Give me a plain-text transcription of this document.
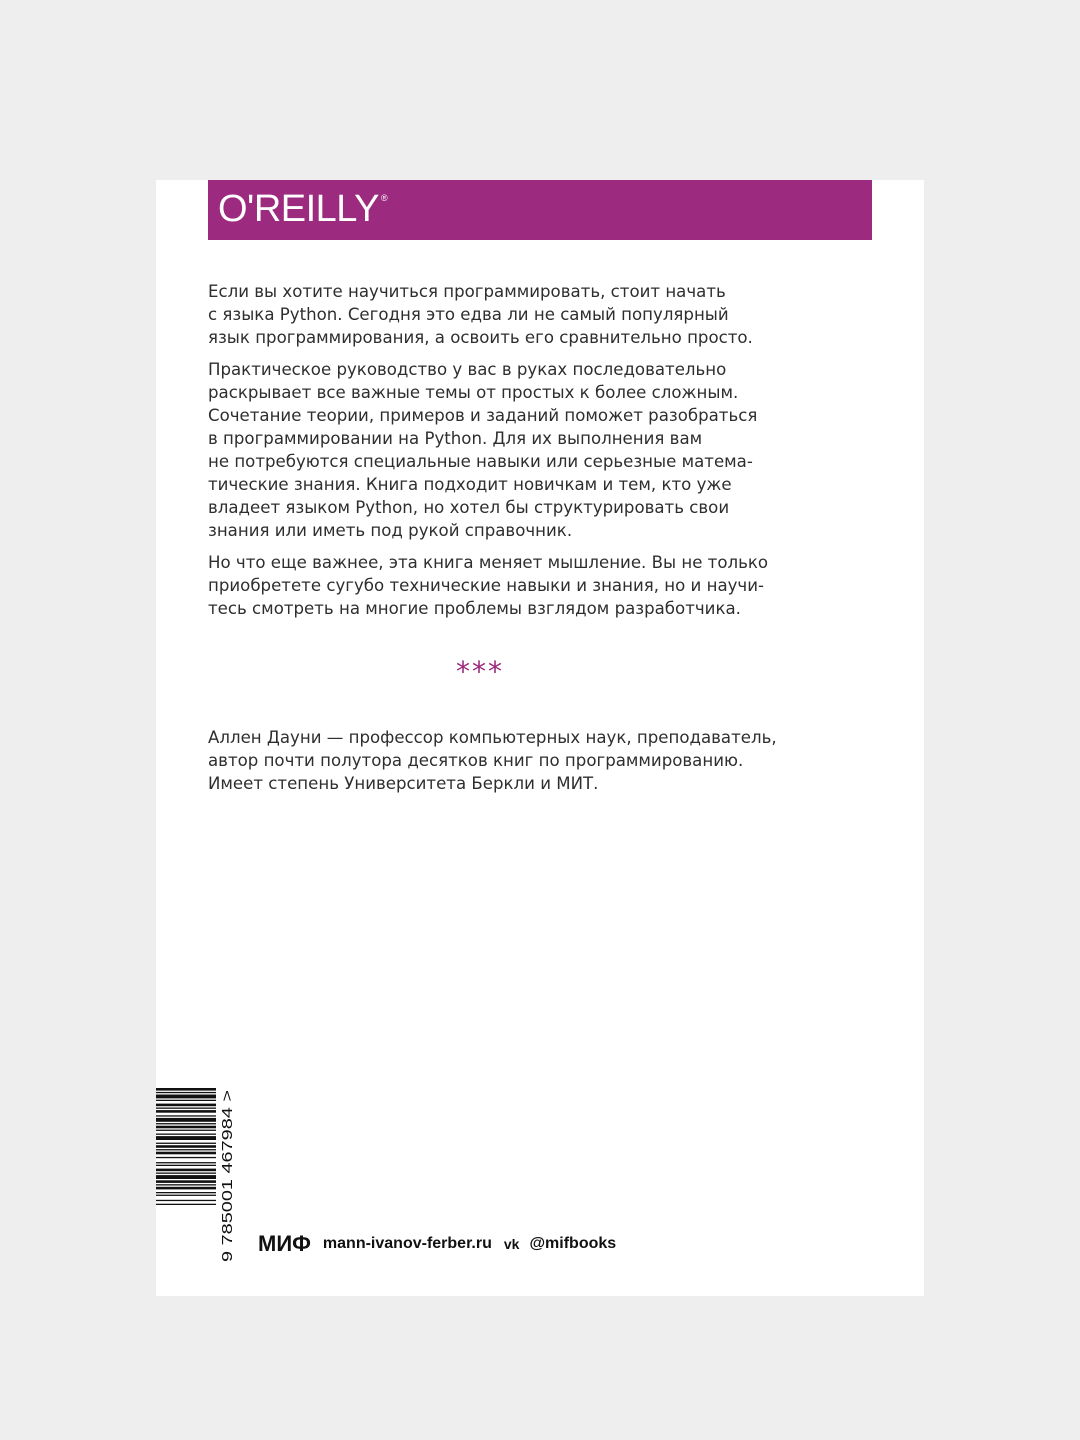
O'REILLY ®
Если вы хотите научиться программировать, стоит начать
с языка Python. Сегодня это едва ли не самый популярный
язык программирования, а освоить его сравнительно просто.
Практическое руководство у вас в руках последовательно
раскрывает все важные темы от простых к более сложным.
Сочетание теории, примеров и заданий поможет разобраться
в программировании на Python. Для их выполнения вам
не потребуются специальные навыки или серьезные матема-
тические знания. Книга подходит новичкам и тем, кто уже
владеет языком Python, но хотел бы структурировать свои
знания или иметь под рукой справочник.
Но что еще важнее, эта книга меняет мышление. Вы не только
приобретете сугубо технические навыки и знания, но и научи-
тесь смотреть на многие проблемы взглядом разработчика.
***
Аллен Дауни — профессор компьютерных наук, преподаватель,
автор почти полутора десятков книг по программированию.
Имеет степень Университета Беркли и МИТ.
9 785001 467984 > МИФ mann-ivanov-ferber.ru vk @mifbooks
